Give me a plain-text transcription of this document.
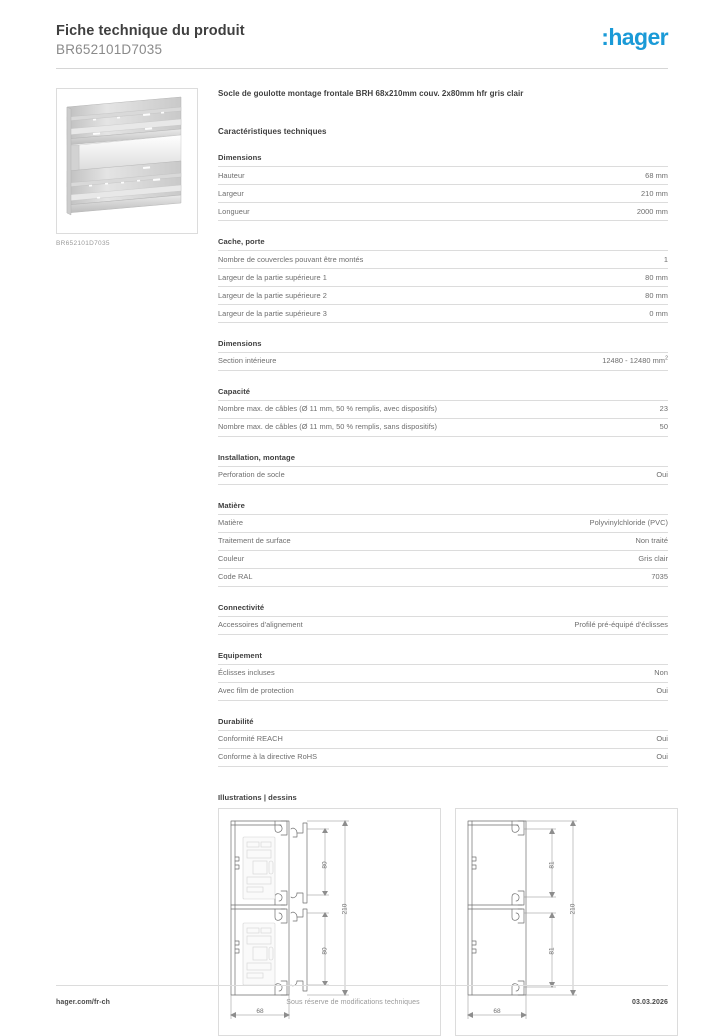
Fiche technique du produit
BR652101D7035	:hager
BR652101D7035
Socle de goulotte montage frontale BRH 68x210mm couv. 2x80mm hfr gris clair
Caractéristiques techniques
Dimensions
Hauteur	68 mm
Largeur	210 mm
Longueur	2000 mm
Cache, porte
Nombre de couvercles pouvant être montés	1
Largeur de la partie supérieure 1	80 mm
Largeur de la partie supérieure 2	80 mm
Largeur de la partie supérieure 3	0 mm
Dimensions
Section intérieure	12480 - 12480 $mm^2$
Capacité
Nombre max. de câbles (Ø 11 mm, 50 % remplis, avec dispositifs)	23
Nombre max. de câbles (Ø 11 mm, 50 % remplis, sans dispositifs)	50
Installation, montage
Perforation de socle	Oui
Matière
Matière	Polyvinylchloride (PVC)
Traitement de surface	Non traité
Couleur	Gris clair
Code RAL	7035
Connectivité
Accessoires d'alignement	Profilé pré-équipé d'éclisses
Equipement
Éclisses incluses	Non
Avec film de protection	Oui
Durabilité
Conformité REACH	Oui
Conforme à la directive RoHS	Oui
Illustrations | dessins
80
80
210
68
81
81
210
68
hager.com/fr-ch	Sous réserve de modifications techniques	03.03.2026
